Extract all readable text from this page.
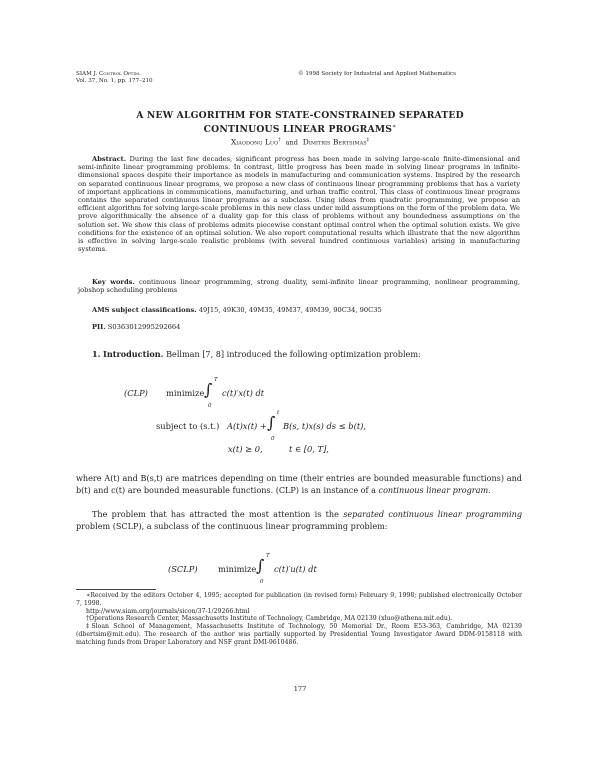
SIAM J. Control Optim.
Vol. 37, No. 1, pp. 177–210
© 1998 Society for Industrial and Applied Mathematics
A NEW ALGORITHM FOR STATE-CONSTRAINED SEPARATED
CONTINUOUS LINEAR PROGRAMS∗
Xiaodong Luo† and Dimitris Bertsimas‡

Abstract. During the last few decades, significant progress has been made in solving large-scale finite-dimensional and semi-infinite linear programming problems. In contrast, little progress has been made in solving linear programs in infinite-dimensional spaces despite their importance as models in manufacturing and communication systems. Inspired by the research on separated continuous linear programs, we propose a new class of continuous linear programming problems that has a variety of important applications in communications, manufacturing, and urban traffic control. This class of continuous linear programs contains the separated continuous linear programs as a subclass. Using ideas from quadratic programming, we propose an efficient algorithm for solving large-scale problems in this new class under mild assumptions on the form of the problem data. We prove algorithmically the absence of a duality gap for this class of problems without any boundedness assumptions on the solution set. We show this class of problems admits piecewise constant optimal control when the optimal solution exists. We give conditions for the existence of an optimal solution. We also report computational results which illustrate that the new algorithm is effective in solving large-scale realistic problems (with several hundred continuous variables) arising in manufacturing systems.

Key words. continuous linear programming, strong duality, semi-infinite linear programming, nonlinear programming, jobshop scheduling problems
AMS subject classifications. 49J15, 49K30, 49M35, 49M37, 49M39, 90C34, 90C35
PII. S0363012995292664
1. Introduction. Bellman [7, 8] introduced the following optimization problem:
(CLP) minimize ∫ T
0
c(t)′x(t) dt
subject to (s.t.) A(t)x(t) + ∫ t
0
B(s, t)x(s) ds ≤ b(t),
x(t) ≥ 0,	t ∈ [0, T],

where A(t) and B(s,t) are matrices depending on time (their entries are bounded measurable functions) and b(t) and c(t) are bounded measurable functions. (CLP) is an instance of a continuous linear program.

The problem that has attracted the most attention is the separated continuous linear programming problem (SCLP), a subclass of the continuous linear programming problem:

(SCLP) minimize ∫ T
0
c(t)′u(t) dt

∗Received by the editors October 4, 1995; accepted for publication (in revised form) February 9, 1998; published electronically October 7, 1998.

http://www.siam.org/journals/sicon/37-1/29266.html

†Operations Research Center, Massachusetts Institute of Technology, Cambridge, MA 02139 (xluo@athena.mit.edu).

‡Sloan School of Management, Massachusetts Institute of Technology, 50 Memorial Dr., Room E53-363, Cambridge, MA 02139 (dbertsim@mit.edu). The research of the author was partially supported by Presidential Young Investigator Award DDM-9158118 with matching funds from Draper Laboratory and NSF grant DMI-9610486.

177
